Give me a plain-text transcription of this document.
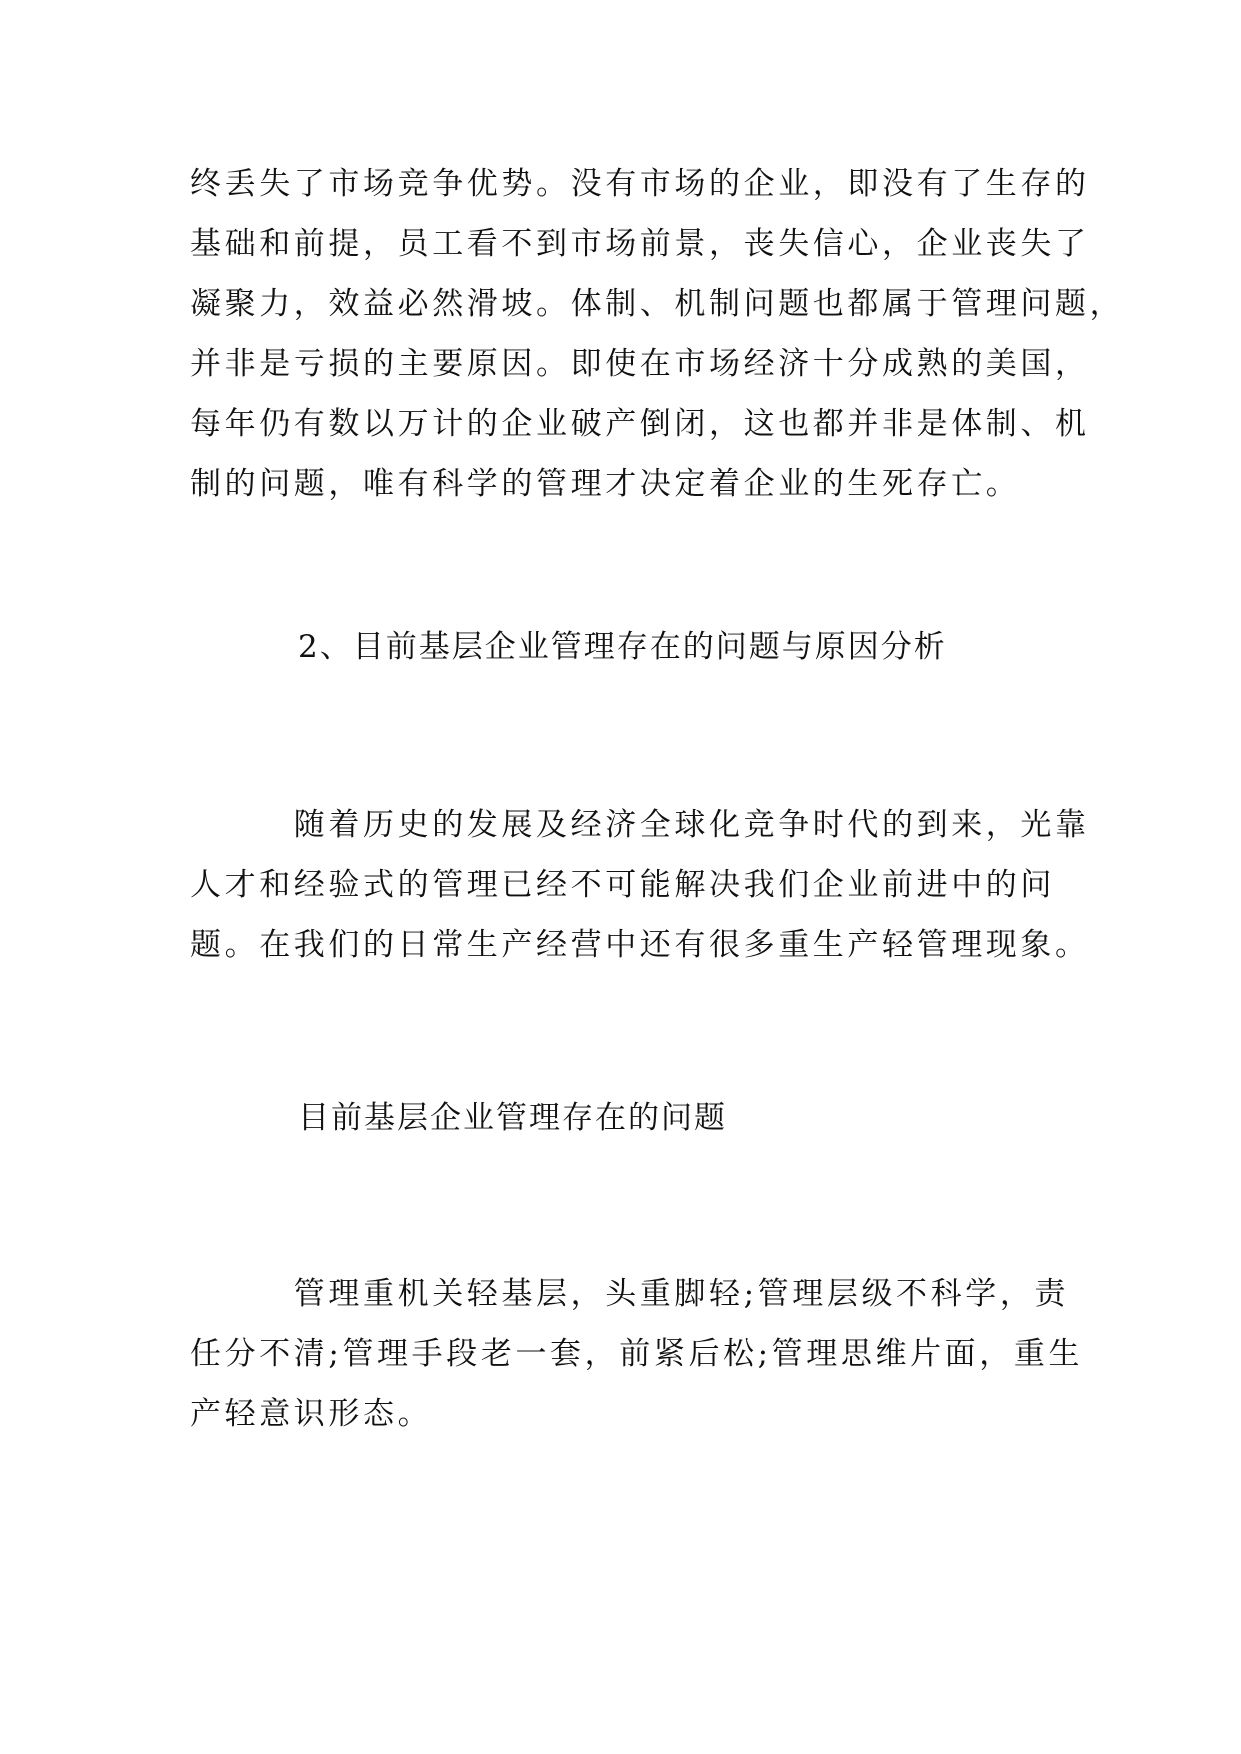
终丢失了市场竞争优势。没有市场的企业，即没有了生存的
基础和前提，员工看不到市场前景，丧失信心，企业丧失了
凝聚力，效益必然滑坡。体制、机制问题也都属于管理问题，
并非是亏损的主要原因。即使在市场经济十分成熟的美国，
每年仍有数以万计的企业破产倒闭，这也都并非是体制、机
制的问题，唯有科学的管理才决定着企业的生死存亡。

2、目前基层企业管理存在的问题与原因分析

　　　随着历史的发展及经济全球化竞争时代的到来，光靠
人才和经验式的管理已经不可能解决我们企业前进中的问
题。在我们的日常生产经营中还有很多重生产轻管理现象。

目前基层企业管理存在的问题

　　　管理重机关轻基层，头重脚轻;管理层级不科学，责
任分不清;管理手段老一套，前紧后松;管理思维片面，重生
产轻意识形态。
